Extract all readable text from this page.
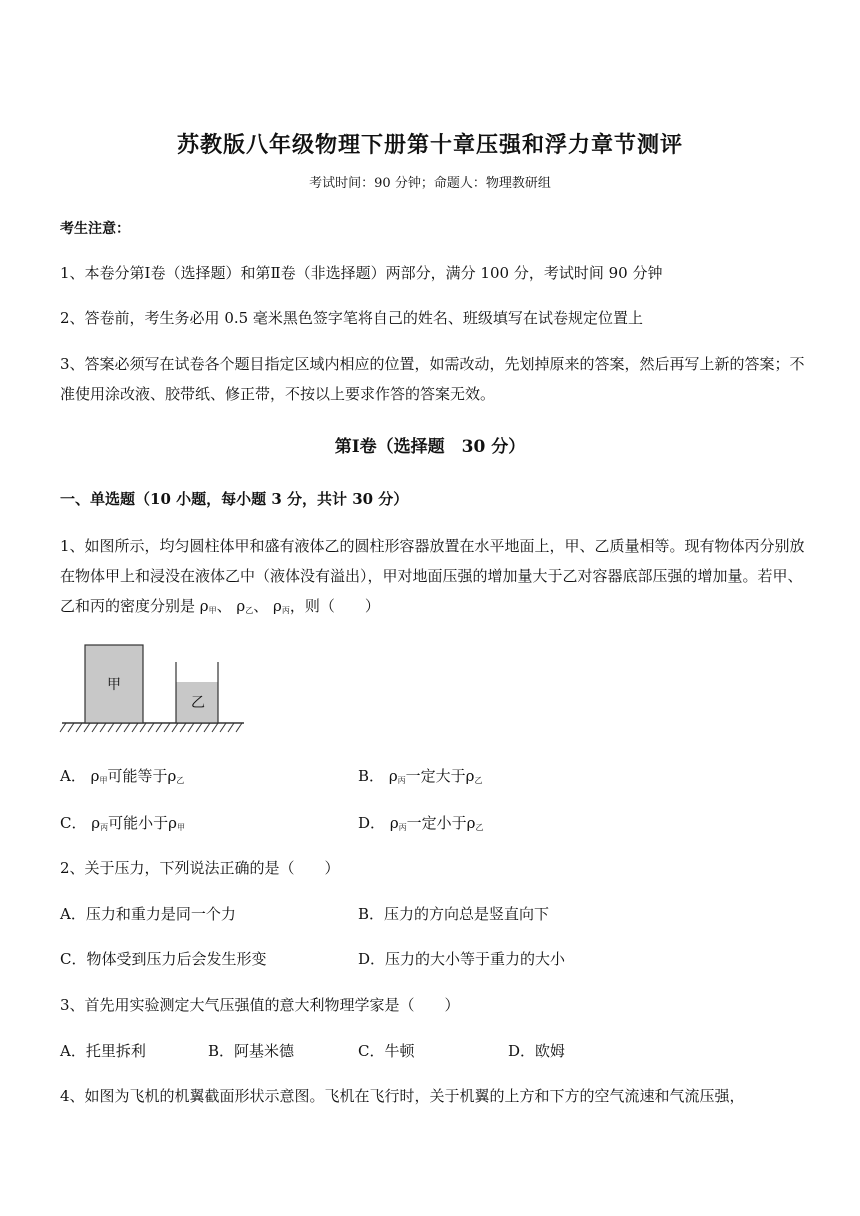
苏教版八年级物理下册第十章压强和浮力章节测评
考试时间：90 分钟；命题人：物理教研组
考生注意：
1、本卷分第Ⅰ卷（选择题）和第Ⅱ卷（非选择题）两部分，满分 100 分，考试时间 90 分钟
2、答卷前，考生务必用 0.5 毫米黑色签字笔将自己的姓名、班级填写在试卷规定位置上
3、答案必须写在试卷各个题目指定区域内相应的位置，如需改动，先划掉原来的答案，然后再写上新的答案；不准使用涂改液、胶带纸、修正带，不按以上要求作答的答案无效。
第Ⅰ卷（选择题　30 分）
一、单选题（10 小题，每小题 3 分，共计 30 分）
1、如图所示，均匀圆柱体甲和盛有液体乙的圆柱形容器放置在水平地面上，甲、乙质量相等。现有物体丙分别放在物体甲上和浸没在液体乙中（液体没有溢出），甲对地面压强的增加量大于乙对容器底部压强的增加量。若甲、乙和丙的密度分别是 $\rho_甲$、 $\rho_乙$、 $\rho_丙$，则（　　）
甲
乙
A． $\rho_甲$可能等于$\rho_乙$	B． $\rho_丙$一定大于$\rho_乙$
C． $\rho_丙$可能小于$\rho_甲$	D． $\rho_丙$一定小于$\rho_乙$
2、关于压力，下列说法正确的是（　　）
A．压力和重力是同一个力	B．压力的方向总是竖直向下
C．物体受到压力后会发生形变	D．压力的大小等于重力的大小
3、首先用实验测定大气压强值的意大利物理学家是（　　）
A．托里拆利	B．阿基米德	C．牛顿	D．欧姆
4、如图为飞机的机翼截面形状示意图。飞机在飞行时，关于机翼的上方和下方的空气流速和气流压强，
